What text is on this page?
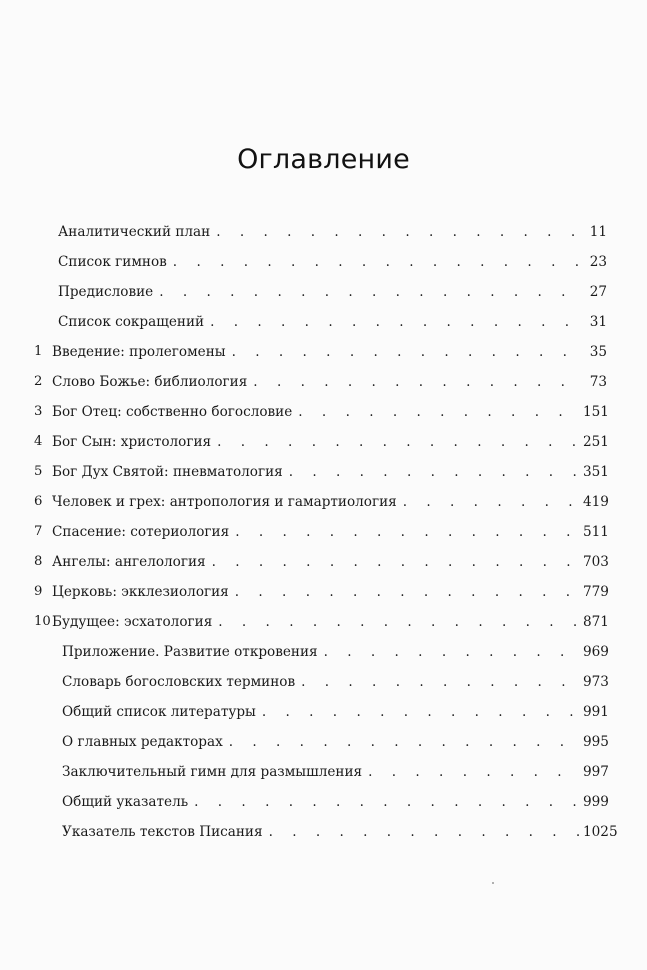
Оглавление
Аналитический план . . .	11
Список гимнов . . .	23
Предисловие . . .	27
Список сокращений . . .	31
1 Введение: пролегомены . . .	35
2 Слово Божье: библиология . . .	73
3 Бог Отец: собственно богословие . . .	151
4 Бог Сын: христология . . .	251
5 Бог Дух Святой: пневматология . . .	351
6 Человек и грех: антропология и гамартиология . . .	419
7 Спасение: сотериология . . .	511
8 Ангелы: ангелология . . .	703
9 Церковь: экклезиология . . .	779
10 Будущее: эсхатология . . .	871
Приложение. Развитие откровения . . .	969
Словарь богословских терминов . . .	973
Общий список литературы . . .	991
О главных редакторах . . .	995
Заключительный гимн для размышления . . .	997
Общий указатель . . .	999
Указатель текстов Писания . . .	1025
